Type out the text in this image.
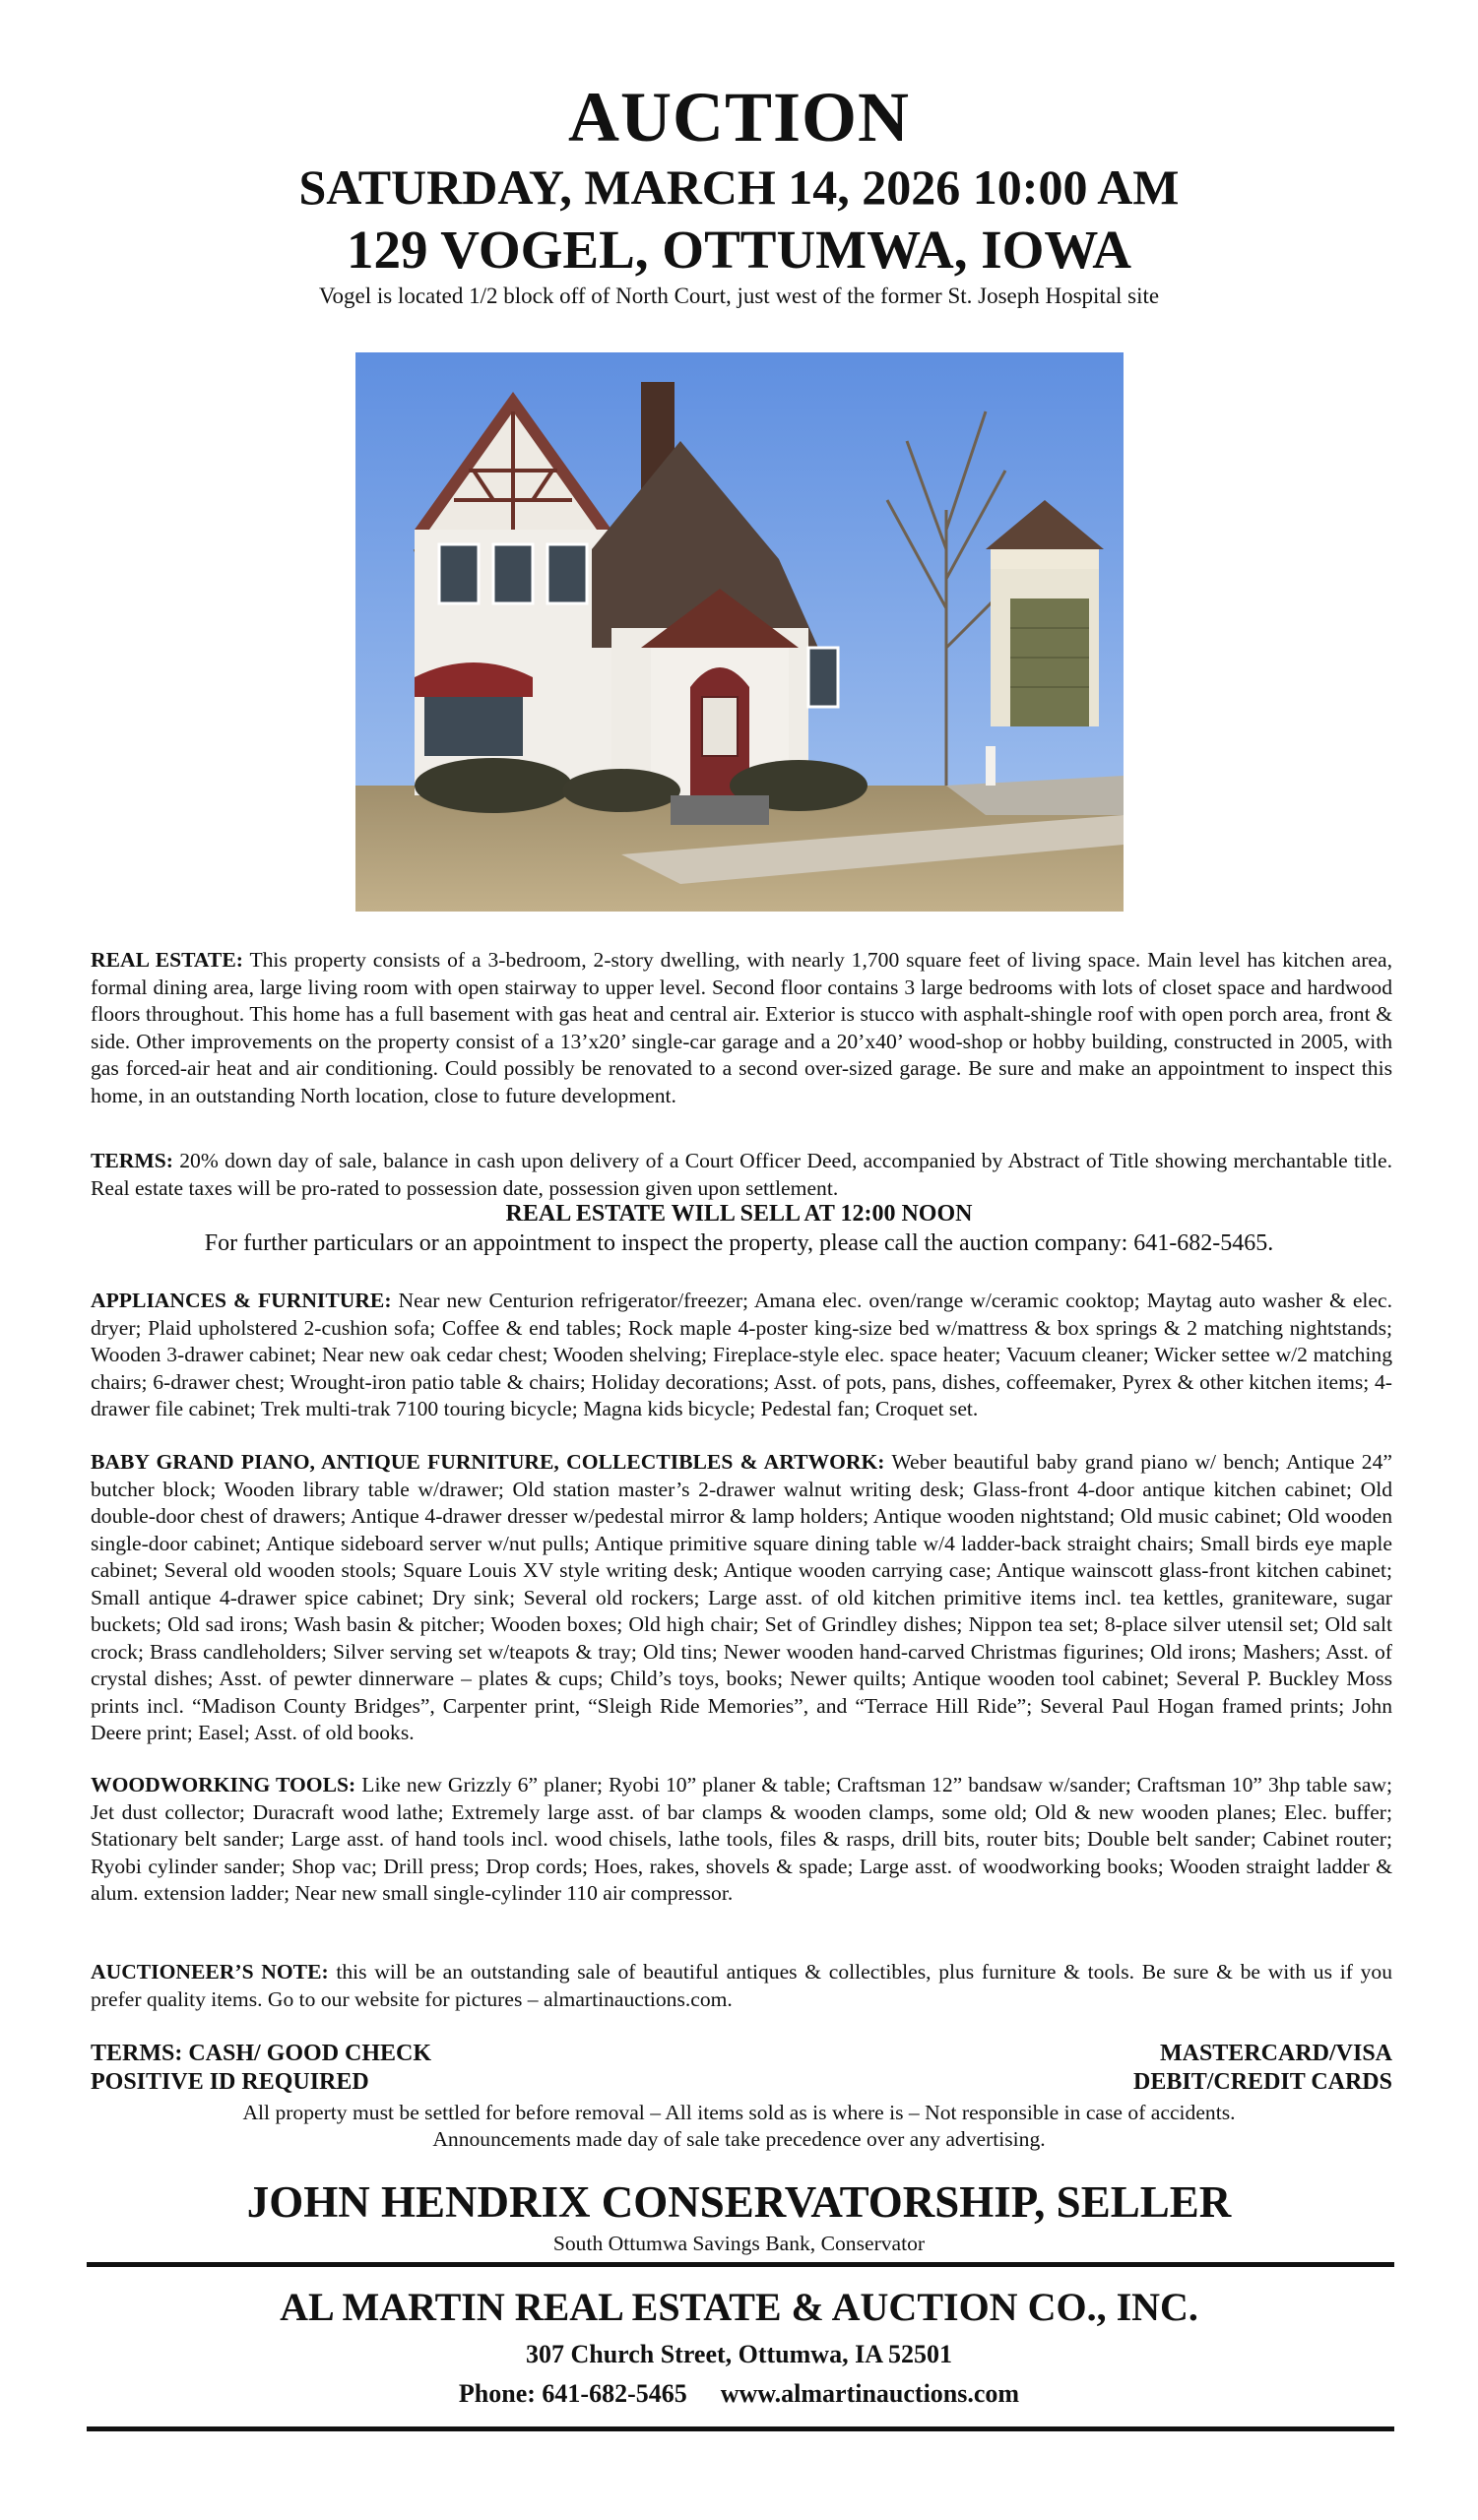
AUCTION
SATURDAY, MARCH 14, 2026 10:00 AM
129 VOGEL, OTTUMWA, IOWA
Vogel is located 1/2 block off of North Court, just west of the former St. Joseph Hospital site
REAL ESTATE: This property consists of a 3-bedroom, 2-story dwelling, with nearly 1,700 square feet of living space. Main level has kitchen area, formal dining area, large living room with open stairway to upper level. Second floor contains 3 large bedrooms with lots of closet space and hardwood floors throughout. This home has a full basement with gas heat and central air. Exterior is stucco with asphalt-shingle roof with open porch area, front & side. Other improvements on the property consist of a 13’x20’ single-car garage and a 20’x40’ wood-shop or hobby building, constructed in 2005, with gas forced-air heat and air conditioning. Could possibly be renovated to a second over-sized garage. Be sure and make an appointment to inspect this home, in an outstanding North location, close to future development.
TERMS: 20% down day of sale, balance in cash upon delivery of a Court Officer Deed, accompanied by Abstract of Title showing merchantable title. Real estate taxes will be pro-rated to possession date, possession given upon settlement.
REAL ESTATE WILL SELL AT 12:00 NOON
For further particulars or an appointment to inspect the property, please call the auction company: 641-682-5465.
APPLIANCES & FURNITURE: Near new Centurion refrigerator/freezer; Amana elec. oven/range w/ceramic cooktop; Maytag auto washer & elec. dryer; Plaid upholstered 2-cushion sofa; Coffee & end tables; Rock maple 4-poster king-size bed w/mattress & box springs & 2 matching nightstands; Wooden 3-drawer cabinet; Near new oak cedar chest; Wooden shelving; Fireplace-style elec. space heater; Vacuum cleaner; Wicker settee w/2 matching chairs; 6-drawer chest; Wrought-iron patio table & chairs; Holiday decorations; Asst. of pots, pans, dishes, coffeemaker, Pyrex & other kitchen items; 4-drawer file cabinet; Trek multi-trak 7100 touring bicycle; Magna kids bicycle; Pedestal fan; Croquet set.
BABY GRAND PIANO, ANTIQUE FURNITURE, COLLECTIBLES & ARTWORK: Weber beautiful baby grand piano w/ bench; Antique 24” butcher block; Wooden library table w/drawer; Old station master’s 2-drawer walnut writing desk; Glass-front 4-door antique kitchen cabinet; Old double-door chest of drawers; Antique 4-drawer dresser w/pedestal mirror & lamp holders; Antique wooden nightstand; Old music cabinet; Old wooden single-door cabinet; Antique sideboard server w/nut pulls; Antique primitive square dining table w/4 ladder-back straight chairs; Small birds eye maple cabinet; Several old wooden stools; Square Louis XV style writing desk; Antique wooden carrying case; Antique wainscott glass-front kitchen cabinet; Small antique 4-drawer spice cabinet; Dry sink; Several old rockers; Large asst. of old kitchen primitive items incl. tea kettles, graniteware, sugar buckets; Old sad irons; Wash basin & pitcher; Wooden boxes; Old high chair; Set of Grindley dishes; Nippon tea set; 8-place silver utensil set; Old salt crock; Brass candleholders; Silver serving set w/teapots & tray; Old tins; Newer wooden hand-carved Christmas figurines; Old irons; Mashers; Asst. of crystal dishes; Asst. of pewter dinnerware – plates & cups; Child’s toys, books; Newer quilts; Antique wooden tool cabinet; Several P. Buckley Moss prints incl. “Madison County Bridges”, Carpenter print, “Sleigh Ride Memories”, and “Terrace Hill Ride”; Several Paul Hogan framed prints; John Deere print; Easel; Asst. of old books.
WOODWORKING TOOLS: Like new Grizzly 6” planer; Ryobi 10” planer & table; Craftsman 12” bandsaw w/sander; Craftsman 10” 3hp table saw; Jet dust collector; Duracraft wood lathe; Extremely large asst. of bar clamps & wooden clamps, some old; Old & new wooden planes; Elec. buffer; Stationary belt sander; Large asst. of hand tools incl. wood chisels, lathe tools, files & rasps, drill bits, router bits; Double belt sander; Cabinet router; Ryobi cylinder sander; Shop vac; Drill press; Drop cords; Hoes, rakes, shovels & spade; Large asst. of woodworking books; Wooden straight ladder & alum. extension ladder; Near new small single-cylinder 110 air compressor.
AUCTIONEER’S NOTE: this will be an outstanding sale of beautiful antiques & collectibles, plus furniture & tools. Be sure & be with us if you prefer quality items. Go to our website for pictures – almartinauctions.com.
TERMS: CASH/ GOOD CHECK	MASTERCARD/VISA
POSITIVE ID REQUIRED	DEBIT/CREDIT CARDS
All property must be settled for before removal – All items sold as is where is – Not responsible in case of accidents.
Announcements made day of sale take precedence over any advertising.
JOHN HENDRIX CONSERVATORSHIP, SELLER
South Ottumwa Savings Bank, Conservator
AL MARTIN REAL ESTATE & AUCTION CO., INC.
307 Church Street, Ottumwa, IA 52501
Phone: 641-682-5465 www.almartinauctions.com
